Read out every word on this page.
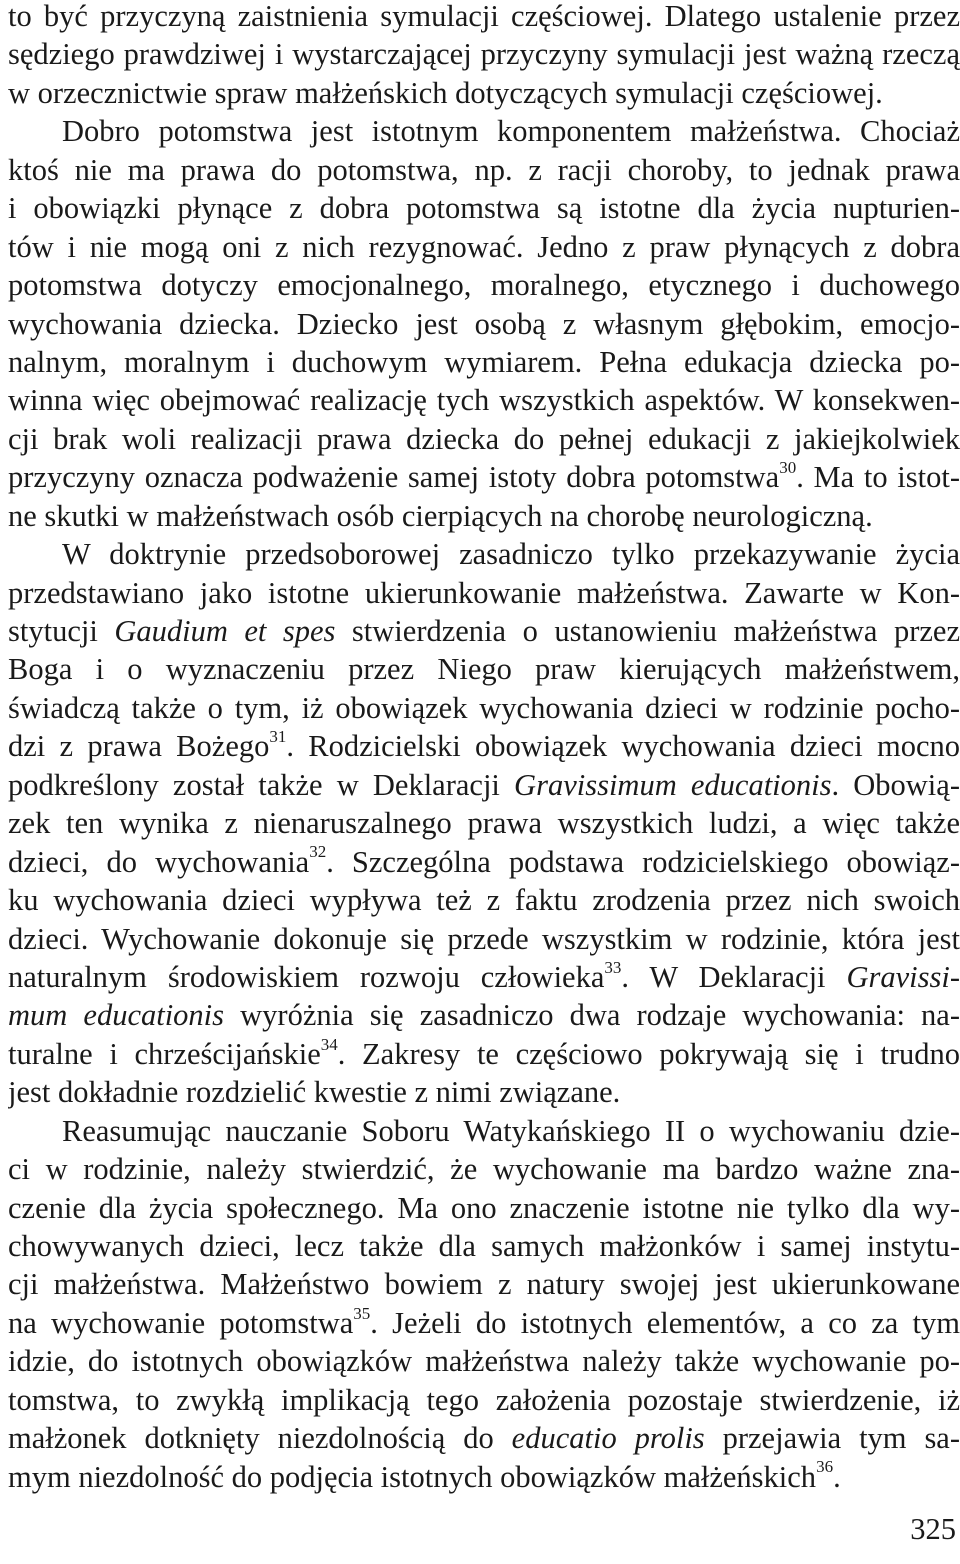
to być przyczyną zaistnienia symulacji częściowej. Dlatego ustalenie przez
sędziego prawdziwej i wystarczającej przyczyny symulacji jest ważną rzeczą
w orzecznictwie spraw małżeńskich dotyczących symulacji częściowej.
Dobro potomstwa jest istotnym komponentem małżeństwa. Chociaż
ktoś nie ma prawa do potomstwa, np. z racji choroby, to jednak prawa
i obowiązki płynące z dobra potomstwa są istotne dla życia nupturien-
tów i nie mogą oni z nich rezygnować. Jedno z praw płynących z dobra
potomstwa dotyczy emocjonalnego, moralnego, etycznego i duchowego
wychowania dziecka. Dziecko jest osobą z własnym głębokim, emocjo-
nalnym, moralnym i duchowym wymiarem. Pełna edukacja dziecka po-
winna więc obejmować realizację tych wszystkich aspektów. W konsekwen-
cji brak woli realizacji prawa dziecka do pełnej edukacji z jakiejkolwiek
przyczyny oznacza podważenie samej istoty dobra potomstwa$^{30}$. Ma to istot-
ne skutki w małżeństwach osób cierpiących na chorobę neurologiczną.
W doktrynie przedsoborowej zasadniczo tylko przekazywanie życia
przedstawiano jako istotne ukierunkowanie małżeństwa. Zawarte w Kon-
stytucji Gaudium et spes stwierdzenia o ustanowieniu małżeństwa przez
Boga i o wyznaczeniu przez Niego praw kierujących małżeństwem,
świadczą także o tym, iż obowiązek wychowania dzieci w rodzinie pocho-
dzi z prawa Bożego$^{31}$. Rodzicielski obowiązek wychowania dzieci mocno
podkreślony został także w Deklaracji Gravissimum educationis. Obowią-
zek ten wynika z nienaruszalnego prawa wszystkich ludzi, a więc także
dzieci, do wychowania$^{32}$. Szczególna podstawa rodzicielskiego obowiąz-
ku wychowania dzieci wypływa też z faktu zrodzenia przez nich swoich
dzieci. Wychowanie dokonuje się przede wszystkim w rodzinie, która jest
naturalnym środowiskiem rozwoju człowieka$^{33}$. W Deklaracji Gravissi-
mum educationis wyróżnia się zasadniczo dwa rodzaje wychowania: na-
turalne i chrześcijańskie$^{34}$. Zakresy te częściowo pokrywają się i trudno
jest dokładnie rozdzielić kwestie z nimi związane.
Reasumując nauczanie Soboru Watykańskiego II o wychowaniu dzie-
ci w rodzinie, należy stwierdzić, że wychowanie ma bardzo ważne zna-
czenie dla życia społecznego. Ma ono znaczenie istotne nie tylko dla wy-
chowywanych dzieci, lecz także dla samych małżonków i samej instytu-
cji małżeństwa. Małżeństwo bowiem z natury swojej jest ukierunkowane
na wychowanie potomstwa$^{35}$. Jeżeli do istotnych elementów, a co za tym
idzie, do istotnych obowiązków małżeństwa należy także wychowanie po-
tomstwa, to zwykłą implikacją tego założenia pozostaje stwierdzenie, iż
małżonek dotknięty niezdolnością do educatio prolis przejawia tym sa-
mym niezdolność do podjęcia istotnych obowiązków małżeńskich$^{36}$.
325
